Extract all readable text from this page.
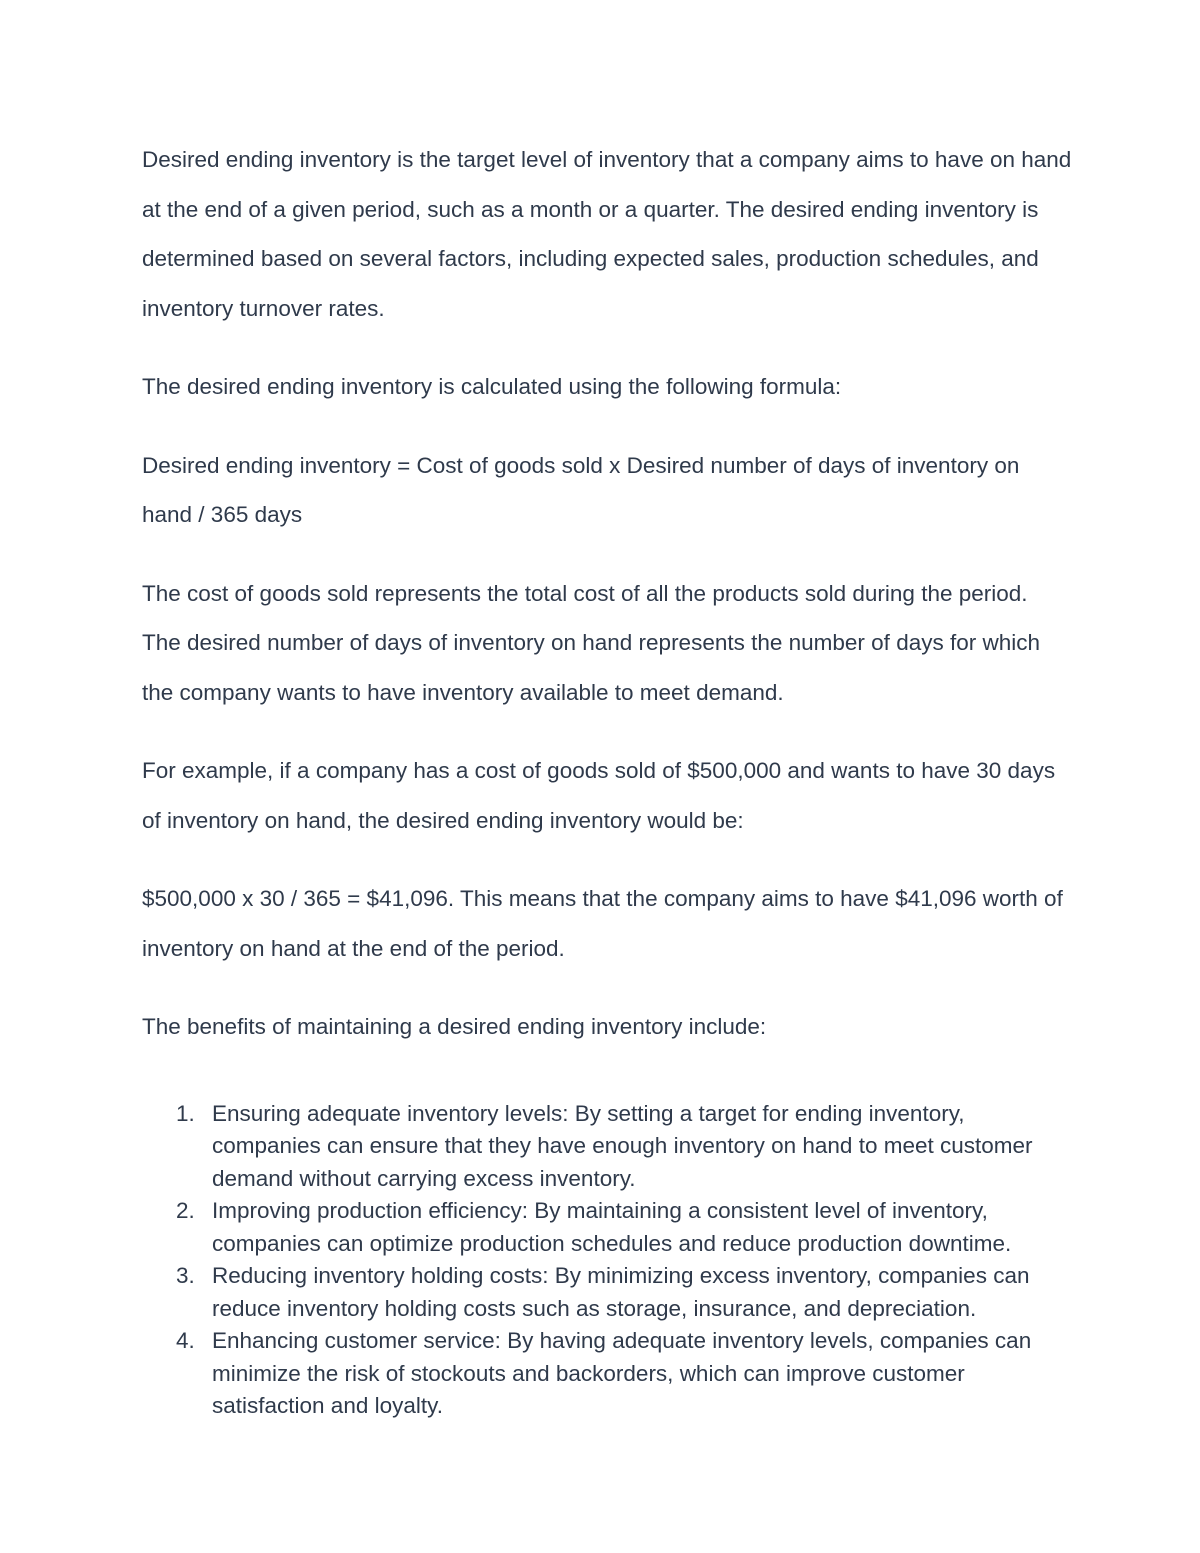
Desired ending inventory is the target level of inventory that a company aims to have on hand at the end of a given period, such as a month or a quarter. The desired ending inventory is determined based on several factors, including expected sales, production schedules, and inventory turnover rates.

The desired ending inventory is calculated using the following formula:

Desired ending inventory = Cost of goods sold x Desired number of days of inventory on hand / 365 days

The cost of goods sold represents the total cost of all the products sold during the period. The desired number of days of inventory on hand represents the number of days for which the company wants to have inventory available to meet demand.

For example, if a company has a cost of goods sold of $500,000 and wants to have 30 days of inventory on hand, the desired ending inventory would be:

$500,000 x 30 / 365 = $41,096. This means that the company aims to have $41,096 worth of inventory on hand at the end of the period.

The benefits of maintaining a desired ending inventory include:

1. Ensuring adequate inventory levels: By setting a target for ending inventory, companies can ensure that they have enough inventory on hand to meet customer demand without carrying excess inventory.
2. Improving production efficiency: By maintaining a consistent level of inventory, companies can optimize production schedules and reduce production downtime.
3. Reducing inventory holding costs: By minimizing excess inventory, companies can reduce inventory holding costs such as storage, insurance, and depreciation.
4. Enhancing customer service: By having adequate inventory levels, companies can minimize the risk of stockouts and backorders, which can improve customer satisfaction and loyalty.
